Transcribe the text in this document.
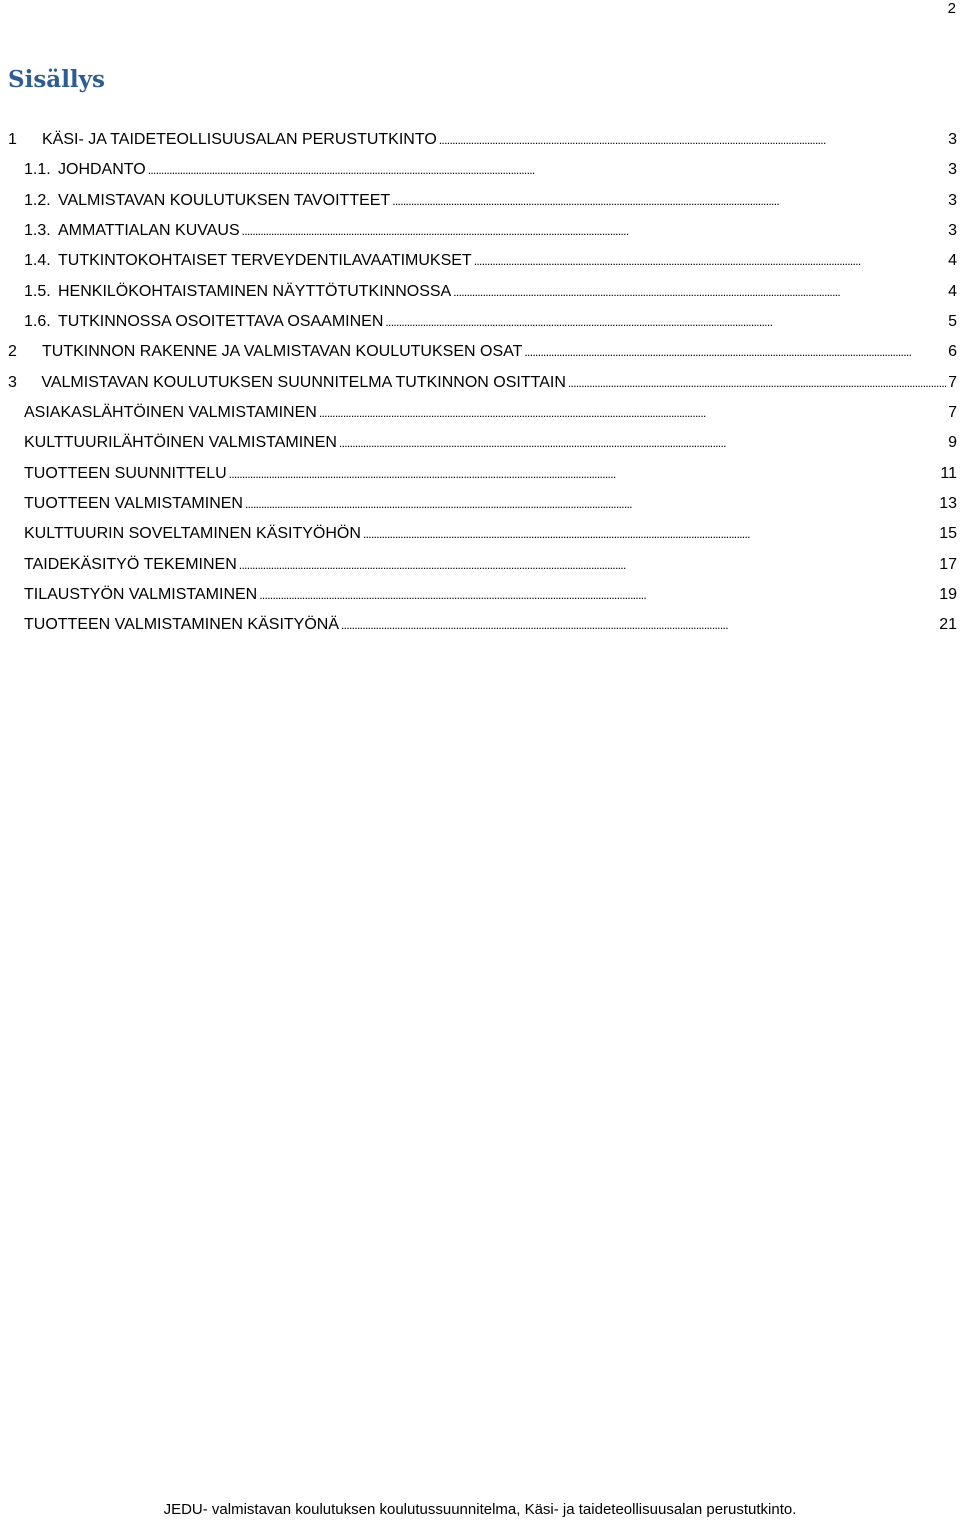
2
Sisällys
1	KÄSI- JA TAIDETEOLLISUUSALAN PERUSTUTKINTO . . .	3
1.1. JOHDANTO . . .	3
1.2. VALMISTAVAN KOULUTUKSEN TAVOITTEET . . .	3
1.3. AMMATTIALAN KUVAUS . . .	3
1.4. TUTKINTOKOHTAISET TERVEYDENTILAVAATIMUKSET . . .	4
1.5. HENKILÖKOHTAISTAMINEN NÄYTTÖTUTKINNOSSA . . .	4
1.6. TUTKINNOSSA OSOITETTAVA OSAAMINEN . . .	5
2	TUTKINNON RAKENNE JA VALMISTAVAN KOULUTUKSEN OSAT . . .	6
3	VALMISTAVAN KOULUTUKSEN SUUNNITELMA TUTKINNON OSITTAIN . . .	7
ASIAKASLÄHTÖINEN VALMISTAMINEN . . .	7
KULTTUURILÄHTÖINEN VALMISTAMINEN . . .	9
TUOTTEEN SUUNNITTELU . . .	11
TUOTTEEN VALMISTAMINEN . . .	13
KULTTUURIN SOVELTAMINEN KÄSITYÖHÖN . . .	15
TAIDEKÄSITYÖ TEKEMINEN . . .	17
TILAUSTYÖN VALMISTAMINEN . . .	19
TUOTTEEN VALMISTAMINEN KÄSITYÖNÄ . . .	21
JEDU- valmistavan koulutuksen koulutussuunnitelma, Käsi- ja taideteollisuusalan perustutkinto.
